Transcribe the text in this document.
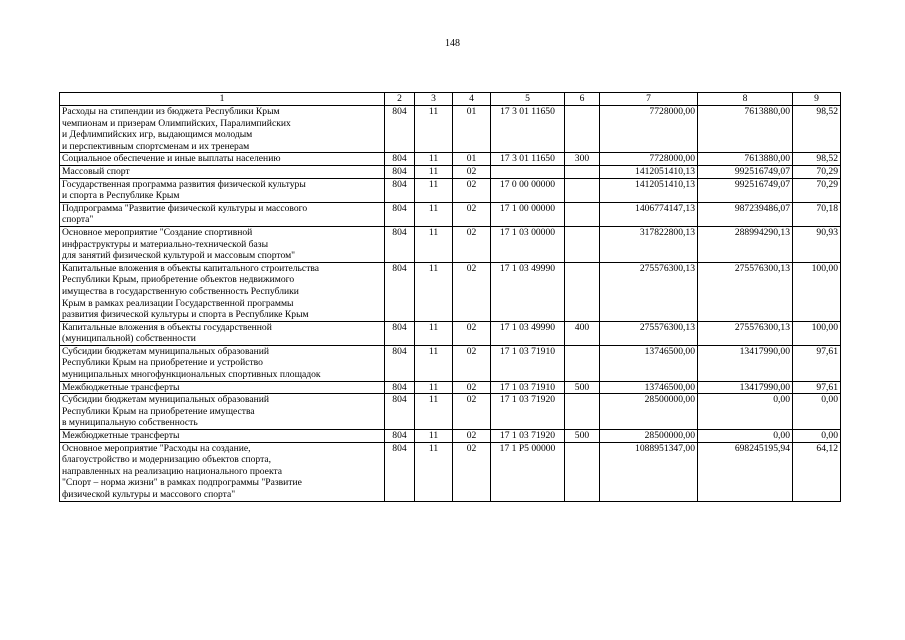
148
1	2	3	4	5	6	7	8	9

Расходы на стипендии из бюджета Республики Крым
чемпионам и призерам Олимпийских, Паралимпийских
и Дефлимпийских игр, выдающимся молодым
и перспективным спортсменам и их тренерам	804	11	01	17 3 01 11650		7728000,00	7613880,00	98,52

Социальное обеспечение и иные выплаты населению	804	11	01	17 3 01 11650	300	7728000,00	7613880,00	98,52

Массовый спорт	804	11	02			1412051410,13	992516749,07	70,29

Государственная программа развития физической культуры
и спорта в Республике Крым	804	11	02	17 0 00 00000		1412051410,13	992516749,07	70,29

Подпрограмма "Развитие физической культуры и массового
спорта"	804	11	02	17 1 00 00000		1406774147,13	987239486,07	70,18

Основное мероприятие "Создание спортивной
инфраструктуры и материально-технической базы
для занятий физической культурой и массовым спортом"	804	11	02	17 1 03 00000		317822800,13	288994290,13	90,93

Капитальные вложения в объекты капитального строительства
Республики Крым, приобретение объектов недвижимого
имущества в государственную собственность Республики
Крым в рамках реализации Государственной программы
развития физической культуры и спорта в Республике Крым	804	11	02	17 1 03 49990		275576300,13	275576300,13	100,00

Капитальные вложения в объекты государственной
(муниципальной) собственности	804	11	02	17 1 03 49990	400	275576300,13	275576300,13	100,00

Субсидии бюджетам муниципальных образований
Республики Крым на приобретение и устройство
муниципальных многофункциональных спортивных площадок	804	11	02	17 1 03 71910		13746500,00	13417990,00	97,61

Межбюджетные трансферты	804	11	02	17 1 03 71910	500	13746500,00	13417990,00	97,61

Субсидии бюджетам муниципальных образований
Республики Крым на приобретение имущества
в муниципальную собственность	804	11	02	17 1 03 71920		28500000,00	0,00	0,00

Межбюджетные трансферты	804	11	02	17 1 03 71920	500	28500000,00	0,00	0,00

Основное мероприятие "Расходы на создание,
благоустройство и модернизацию объектов спорта,
направленных на реализацию национального проекта
"Спорт – норма жизни" в рамках подпрограммы "Развитие
физической культуры и массового спорта"	804	11	02	17 1 P5 00000		1088951347,00	698245195,94	64,12
